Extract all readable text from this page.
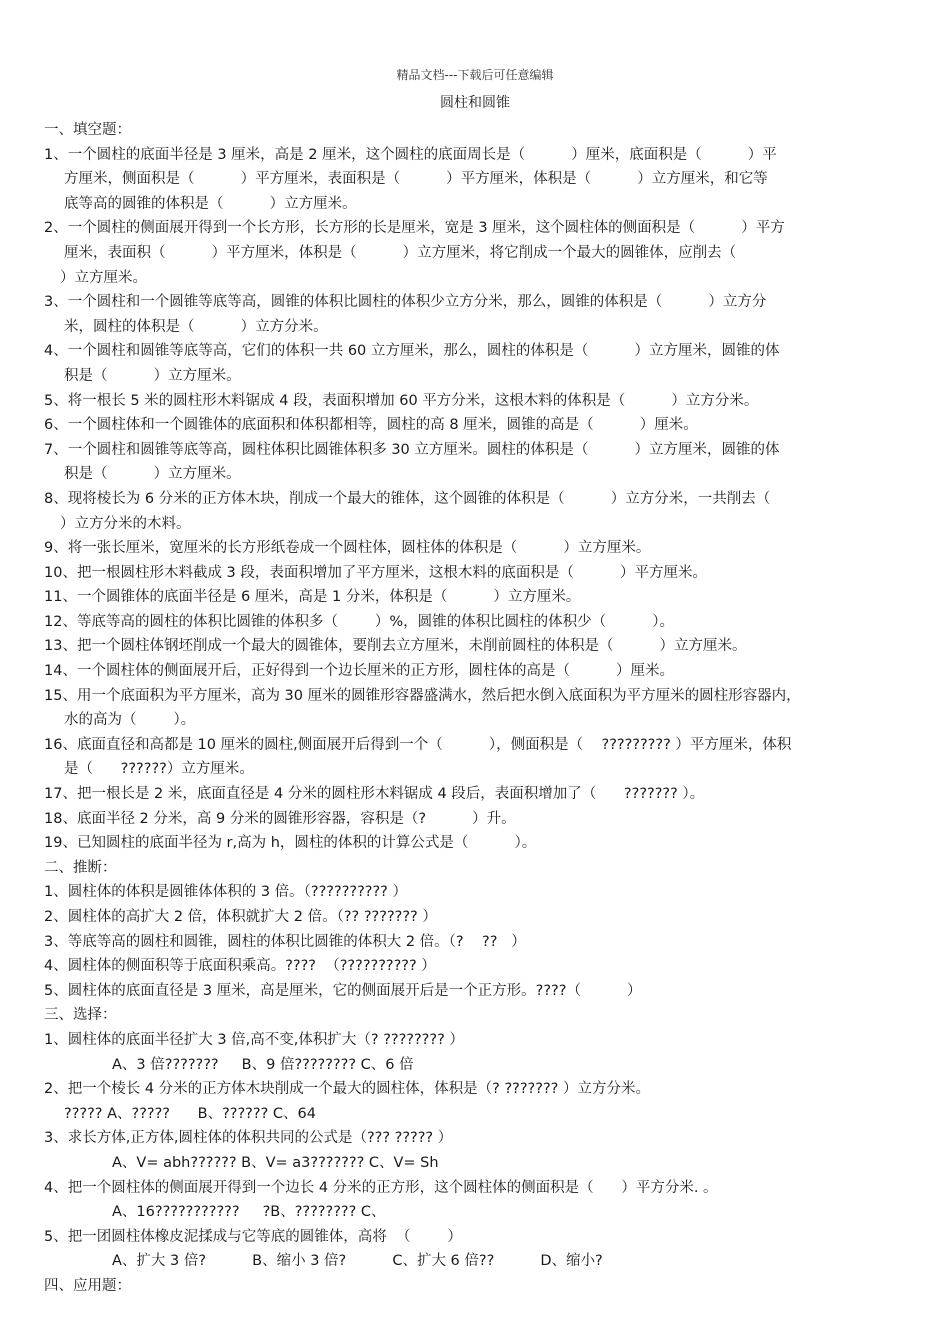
精品文档---下载后可任意编辑
圆柱和圆锥
一、填空题：
1、一个圆柱的底面半径是 3 厘米，高是 2 厘米，这个圆柱的底面周长是（          ）厘米，底面积是（          ）平
方厘米，侧面积是（          ）平方厘米，表面积是（          ）平方厘米，体积是（          ）立方厘米，和它等
底等高的圆锥的体积是（          ）立方厘米。
2、一个圆柱的侧面展开得到一个长方形，长方形的长是厘米，宽是 3 厘米，这个圆柱体的侧面积是（          ）平方
厘米，表面积（          ）平方厘米，体积是（          ）立方厘米，将它削成一个最大的圆锥体，应削去（
）立方厘米。
3、一个圆柱和一个圆锥等底等高，圆锥的体积比圆柱的体积少立方分米，那么，圆锥的体积是（          ）立方分
米，圆柱的体积是（          ）立方分米。
4、一个圆柱和圆锥等底等高，它们的体积一共 60 立方厘米，那么，圆柱的体积是（          ）立方厘米，圆锥的体
积是（          ）立方厘米。
5、将一根长 5 米的圆柱形木料锯成 4 段，表面积增加 60 平方分米，这根木料的体积是（          ）立方分米。
6、一个圆柱体和一个圆锥体的底面积和体积都相等，圆柱的高 8 厘米，圆锥的高是（          ）厘米。
7、一个圆柱和圆锥等底等高，圆柱体积比圆锥体积多 30 立方厘米。圆柱的体积是（          ）立方厘米，圆锥的体
积是（          ）立方厘米。
8、现将棱长为 6 分米的正方体木块，削成一个最大的锥体，这个圆锥的体积是（          ）立方分米，一共削去（
）立方分米的木料。
9、将一张长厘米，宽厘米的长方形纸卷成一个圆柱体，圆柱体的体积是（          ）立方厘米。
10、把一根圆柱形木料截成 3 段，表面积增加了平方厘米，这根木料的底面积是（          ）平方厘米。
11、一个圆锥体的底面半径是 6 厘米，高是 1 分米，体积是（          ）立方厘米。
12、等底等高的圆柱的体积比圆锥的体积多（        ）%，圆锥的体积比圆柱的体积少（          ）。
13、把一个圆柱体钢坯削成一个最大的圆锥体，要削去立方厘米，未削前圆柱的体积是（          ）立方厘米。
14、一个圆柱体的侧面展开后，正好得到一个边长厘米的正方形，圆柱体的高是（          ）厘米。
15、用一个底面积为平方厘米，高为 30 厘米的圆锥形容器盛满水，然后把水倒入底面积为平方厘米的圆柱形容器内，
水的高为（        ）。
16、底面直径和高都是 10 厘米的圆柱,侧面展开后得到一个（          ），侧面积是（    ????????? ）平方厘米，体积
是（      ??????）立方厘米。
17、把一根长是 2 米，底面直径是 4 分米的圆柱形木料锯成 4 段后，表面积增加了（      ??????? ）。
18、底面半径 2 分米，高 9 分米的圆锥形容器，容积是（?          ）升。
19、已知圆柱的底面半径为 r,高为 h，圆柱的体积的计算公式是（          ）。
二、推断：
1、圆柱体的体积是圆锥体体积的 3 倍。（?????????? ）
2、圆柱体的高扩大 2 倍，体积就扩大 2 倍。（?? ??????? ）
3、等底等高的圆柱和圆锥，圆柱的体积比圆锥的体积大 2 倍。（?    ??   ）
4、圆柱体的侧面积等于底面积乘高。????  （?????????? ）
5、圆柱体的底面直径是 3 厘米，高是厘米，它的侧面展开后是一个正方形。????（          ）
三、选择：
1、圆柱体的底面半径扩大 3 倍,高不变,体积扩大（? ???????? ）
A、3 倍???????     B、9 倍???????? C、6 倍
2、把一个棱长 4 分米的正方体木块削成一个最大的圆柱体，体积是（? ??????? ）立方分米。
????? A、?????      B、?????? C、64
3、求长方体,正方体,圆柱体的体积共同的公式是（??? ????? ）
A、V= abh?????? B、V= a3??????? C、V= Sh
4、把一个圆柱体的侧面展开得到一个边长 4 分米的正方形，这个圆柱体的侧面积是（      ）平方分米. 。
A、16???????????     ?B、???????? C、
5、把一团圆柱体橡皮泥揉成与它等底的圆锥体，高将  （        ）
A、扩大 3 倍?          B、缩小 3 倍?          C、扩大 6 倍??          D、缩小?
四、应用题：
